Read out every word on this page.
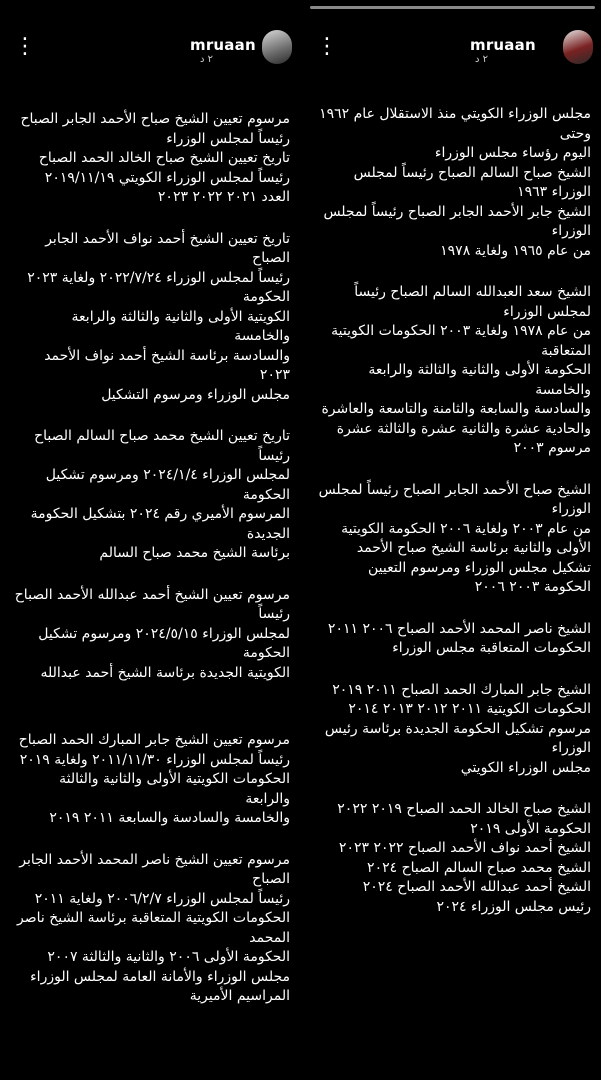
⋮	mruaan
٢ د

مرسوم تعيين الشيخ صباح الأحمد الجابر الصباح رئيساً لمجلس الوزراء
تاريخ تعيين الشيخ صباح الخالد الحمد الصباح
رئيساً لمجلس الوزراء الكويتي ٢٠١٩/١١/١٩
العدد ٢٠٢١ ٢٠٢٢ ٢٠٢٣

تاريخ تعيين الشيخ أحمد نواف الأحمد الجابر الصباح
رئيساً لمجلس الوزراء ٢٠٢٢/٧/٢٤ ولغاية ٢٠٢٣ الحكومة
الكويتية الأولى والثانية والثالثة والرابعة والخامسة
والسادسة برئاسة الشيخ أحمد نواف الأحمد ٢٠٢٣
مجلس الوزراء ومرسوم التشكيل

تاريخ تعيين الشيخ محمد صباح السالم الصباح رئيساً
لمجلس الوزراء ٢٠٢٤/١/٤ ومرسوم تشكيل الحكومة
المرسوم الأميري رقم ٢٠٢٤ بتشكيل الحكومة الجديدة
برئاسة الشيخ محمد صباح السالم

مرسوم تعيين الشيخ أحمد عبدالله الأحمد الصباح رئيساً
لمجلس الوزراء ٢٠٢٤/٥/١٥ ومرسوم تشكيل الحكومة
الكويتية الجديدة برئاسة الشيخ أحمد عبدالله

مرسوم تعيين الشيخ جابر المبارك الحمد الصباح
رئيساً لمجلس الوزراء ٢٠١١/١١/٣٠ ولغاية ٢٠١٩
الحكومات الكويتية الأولى والثانية والثالثة والرابعة
والخامسة والسادسة والسابعة ٢٠١١ ٢٠١٩

مرسوم تعيين الشيخ ناصر المحمد الأحمد الجابر الصباح
رئيساً لمجلس الوزراء ٢٠٠٦/٢/٧ ولغاية ٢٠١١
الحكومات الكويتية المتعاقبة برئاسة الشيخ ناصر المحمد
الحكومة الأولى ٢٠٠٦ والثانية والثالثة ٢٠٠٧
مجلس الوزراء والأمانة العامة لمجلس الوزراء
المراسيم الأميرية

⋮	mruaan
٢ د

مجلس الوزراء الكويتي منذ الاستقلال عام ١٩٦٢ وحتى
اليوم رؤساء مجلس الوزراء
الشيخ صباح السالم الصباح رئيساً لمجلس الوزراء ١٩٦٣
الشيخ جابر الأحمد الجابر الصباح رئيساً لمجلس الوزراء
من عام ١٩٦٥ ولغاية ١٩٧٨

الشيخ سعد العبدالله السالم الصباح رئيساً لمجلس الوزراء
من عام ١٩٧٨ ولغاية ٢٠٠٣ الحكومات الكويتية المتعاقبة
الحكومة الأولى والثانية والثالثة والرابعة والخامسة
والسادسة والسابعة والثامنة والتاسعة والعاشرة
والحادية عشرة والثانية عشرة والثالثة عشرة
مرسوم ٢٠٠٣

الشيخ صباح الأحمد الجابر الصباح رئيساً لمجلس الوزراء
من عام ٢٠٠٣ ولغاية ٢٠٠٦ الحكومة الكويتية
الأولى والثانية برئاسة الشيخ صباح الأحمد
تشكيل مجلس الوزراء ومرسوم التعيين
الحكومة ٢٠٠٣ ٢٠٠٦

الشيخ ناصر المحمد الأحمد الصباح ٢٠٠٦ ٢٠١١
الحكومات المتعاقبة مجلس الوزراء

الشيخ جابر المبارك الحمد الصباح ٢٠١١ ٢٠١٩
الحكومات الكويتية ٢٠١١ ٢٠١٢ ٢٠١٣ ٢٠١٤
مرسوم تشكيل الحكومة الجديدة برئاسة رئيس الوزراء
مجلس الوزراء الكويتي

الشيخ صباح الخالد الحمد الصباح ٢٠١٩ ٢٠٢٢
الحكومة الأولى ٢٠١٩
الشيخ أحمد نواف الأحمد الصباح ٢٠٢٢ ٢٠٢٣
الشيخ محمد صباح السالم الصباح ٢٠٢٤
الشيخ أحمد عبدالله الأحمد الصباح ٢٠٢٤
رئيس مجلس الوزراء ٢٠٢٤
